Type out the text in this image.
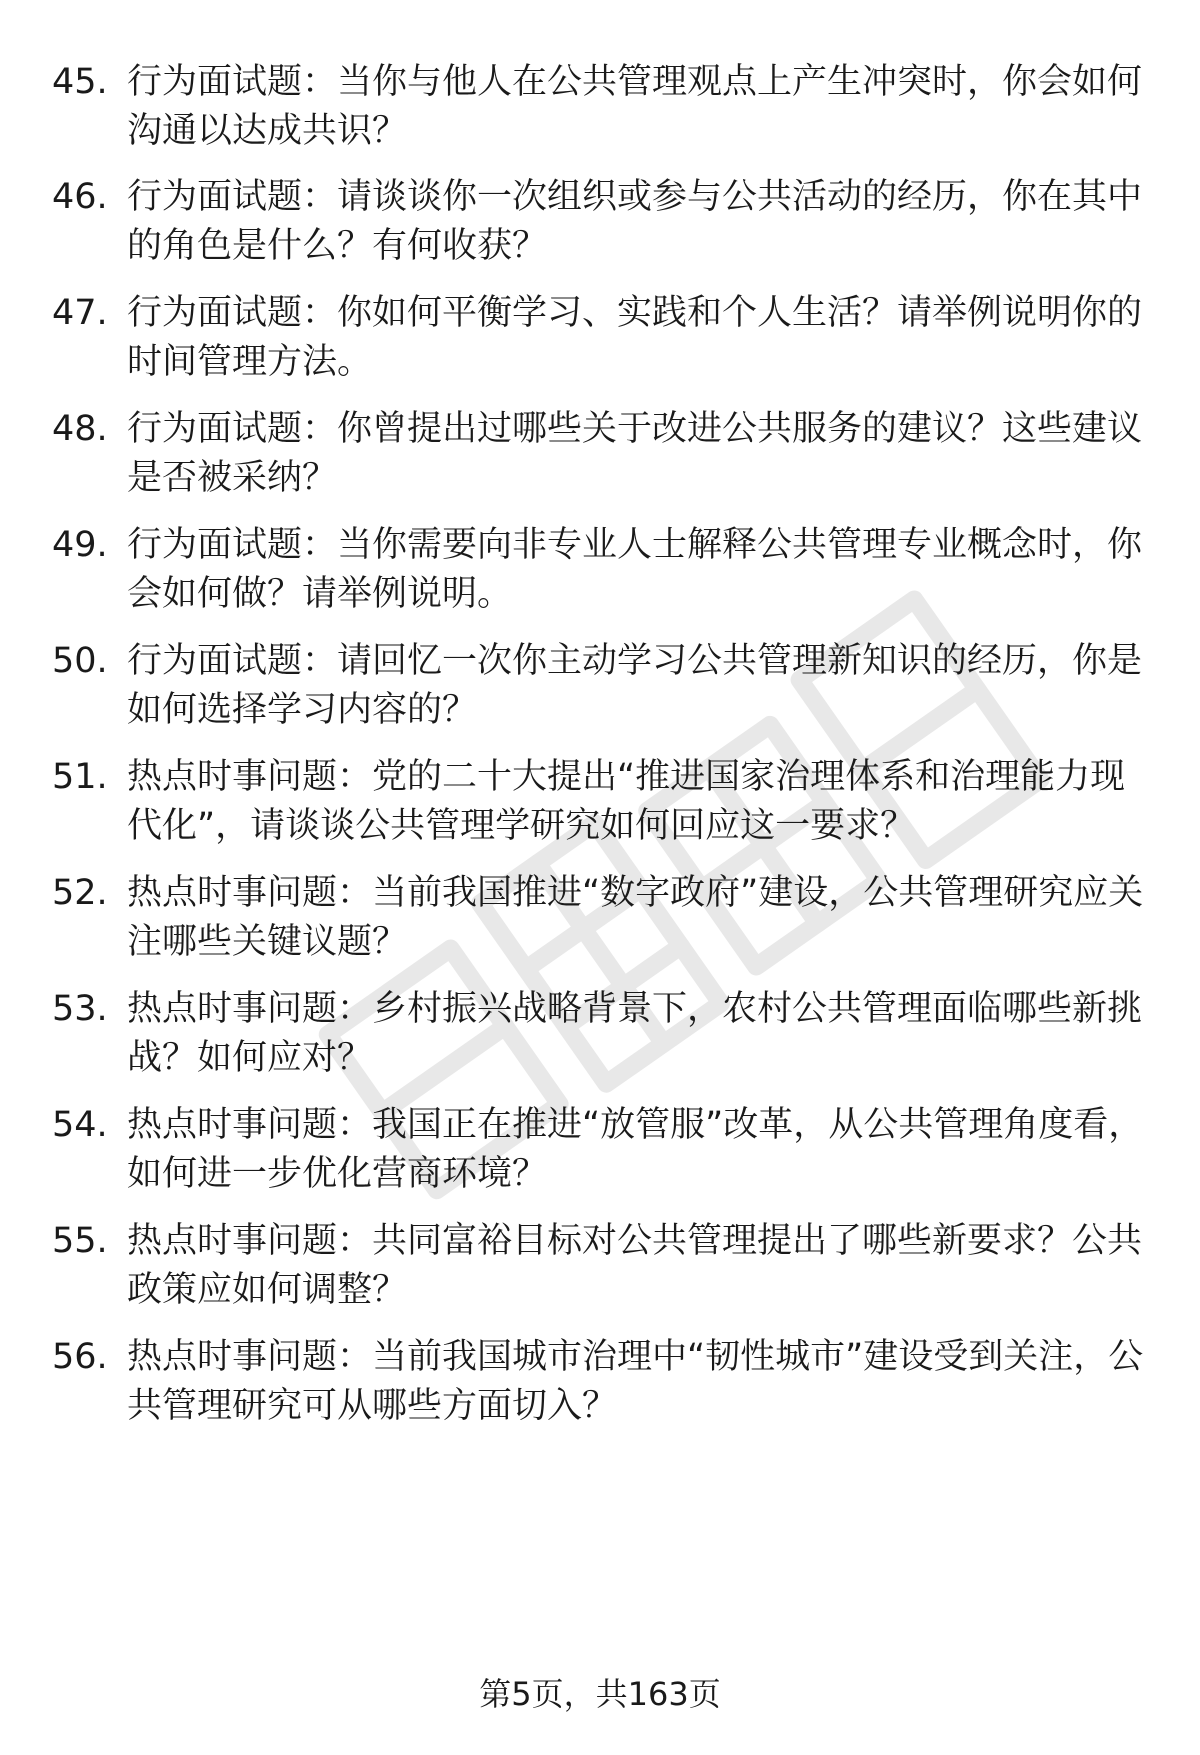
45. 行为面试题：当你与他人在公共管理观点上产生冲突时，你会如何沟通以达成共识？
46. 行为面试题：请谈谈你一次组织或参与公共活动的经历，你在其中的角色是什么？有何收获？
47. 行为面试题：你如何平衡学习、实践和个人生活？请举例说明你的时间管理方法。
48. 行为面试题：你曾提出过哪些关于改进公共服务的建议？这些建议是否被采纳？
49. 行为面试题：当你需要向非专业人士解释公共管理专业概念时，你会如何做？请举例说明。
50. 行为面试题：请回忆一次你主动学习公共管理新知识的经历，你是如何选择学习内容的？
51. 热点时事问题：党的二十大提出“推进国家治理体系和治理能力现代化”，请谈谈公共管理学研究如何回应这一要求？
52. 热点时事问题：当前我国推进“数字政府”建设，公共管理研究应关注哪些关键议题？
53. 热点时事问题：乡村振兴战略背景下，农村公共管理面临哪些新挑战？如何应对？
54. 热点时事问题：我国正在推进“放管服”改革，从公共管理角度看，如何进一步优化营商环境？
55. 热点时事问题：共同富裕目标对公共管理提出了哪些新要求？公共政策应如何调整？
56. 热点时事问题：当前我国城市治理中“韧性城市”建设受到关注，公共管理研究可从哪些方面切入？
第5页，共163页
